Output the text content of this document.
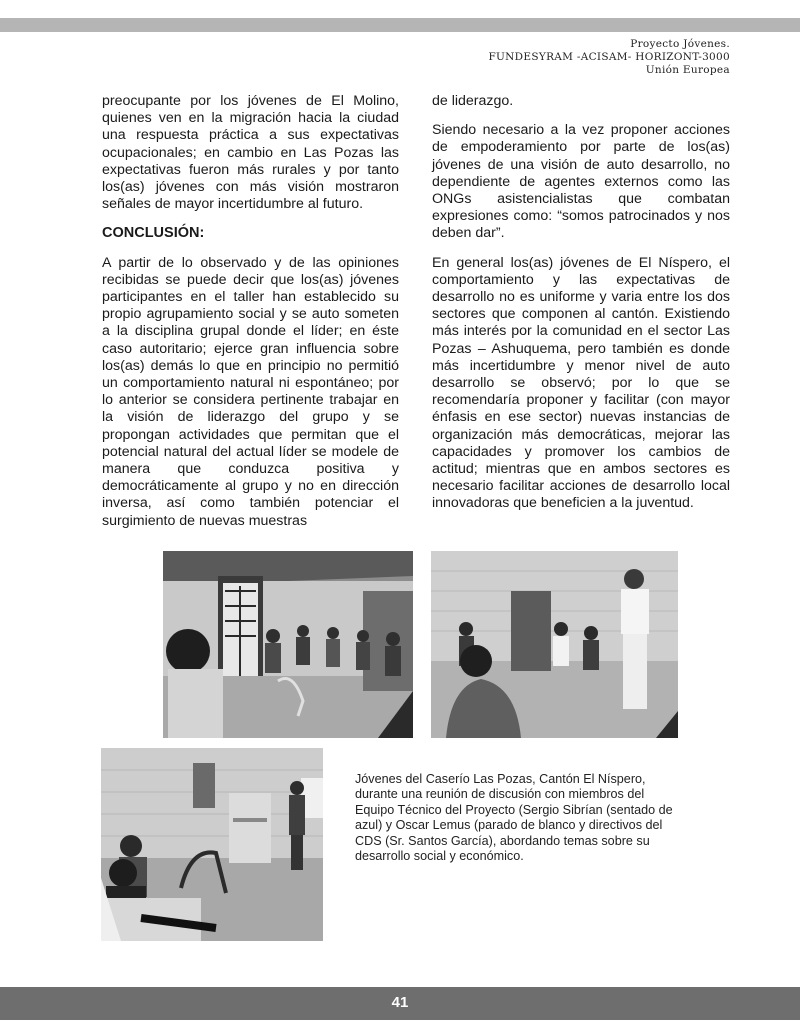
Proyecto Jóvenes.
FUNDESYRAM -ACISAM- HORIZONT-3000
Unión Europea

preocupante por los jóvenes de El Molino, quienes ven en la migración hacia la ciudad una respuesta práctica a sus expectativas ocupacionales; en cambio en Las Pozas las expectativas fueron más rurales y por tanto los(as) jóvenes con más visión mostraron señales de mayor incertidumbre al futuro.

CONCLUSIÓN:

A partir de lo observado y de las opiniones recibidas se puede decir que los(as) jóvenes participantes en el taller han establecido su propio agrupamiento social y se auto someten a la disciplina grupal donde el líder; en éste caso autoritario; ejerce gran influencia sobre los(as) demás lo que en principio no permitió un comportamiento natural ni espontáneo; por lo anterior se considera pertinente trabajar en la visión de liderazgo del grupo y se propongan actividades que permitan que el potencial natural del actual líder se modele de manera que conduzca positiva y democráticamente al grupo y no en dirección inversa, así como también potenciar el surgimiento de nuevas muestras

de liderazgo.

Siendo necesario a la vez proponer acciones de empoderamiento por parte de los(as) jóvenes de una visión de auto desarrollo, no dependiente de agentes externos como las ONGs asistencialistas que combatan expresiones como: “somos patrocinados y nos deben dar”.

En general los(as) jóvenes de El Níspero, el comportamiento y las expectativas de desarrollo no es uniforme y varia entre los dos sectores que componen al cantón. Existiendo más interés por la comunidad en el sector Las Pozas – Ashuquema, pero también es donde más incertidumbre y menor nivel de auto desarrollo se observó; por lo que se recomendaría proponer y facilitar (con mayor énfasis en ese sector) nuevas instancias de organización más democráticas, mejorar las capacidades y promover los cambios de actitud; mientras que en ambos sectores es necesario facilitar acciones de desarrollo local innovadoras que beneficien a la juventud.

Jóvenes del Caserío Las Pozas, Cantón El Níspero, durante una reunión de discusión con miembros del Equipo Técnico del Proyecto (Sergio Sibrían (sentado de azul) y Oscar Lemus (parado de blanco y directivos del CDS (Sr. Santos García), abordando temas sobre su desarrollo social y económico.
41
